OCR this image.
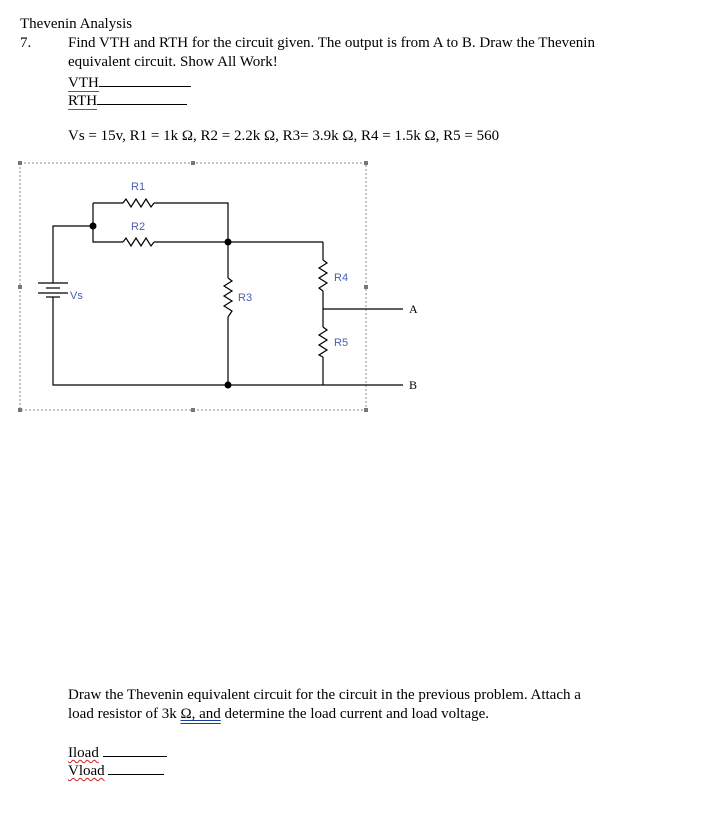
Thevenin Analysis
7. Find VTH and RTH for the circuit given. The output is from A to B. Draw the Thevenin
equivalent circuit. Show All Work!
VTH
RTH
Vs = 15v, R1 = 1k Ω, R2 = 2.2k Ω, R3= 3.9k Ω, R4 = 1.5k Ω, R5 = 560
R1
R2
R3
R4
R5
Vs
A
B
Draw the Thevenin equivalent circuit for the circuit in the previous problem. Attach a
load resistor of 3k Ω, and determine the load current and load voltage.
Iload
Vload
